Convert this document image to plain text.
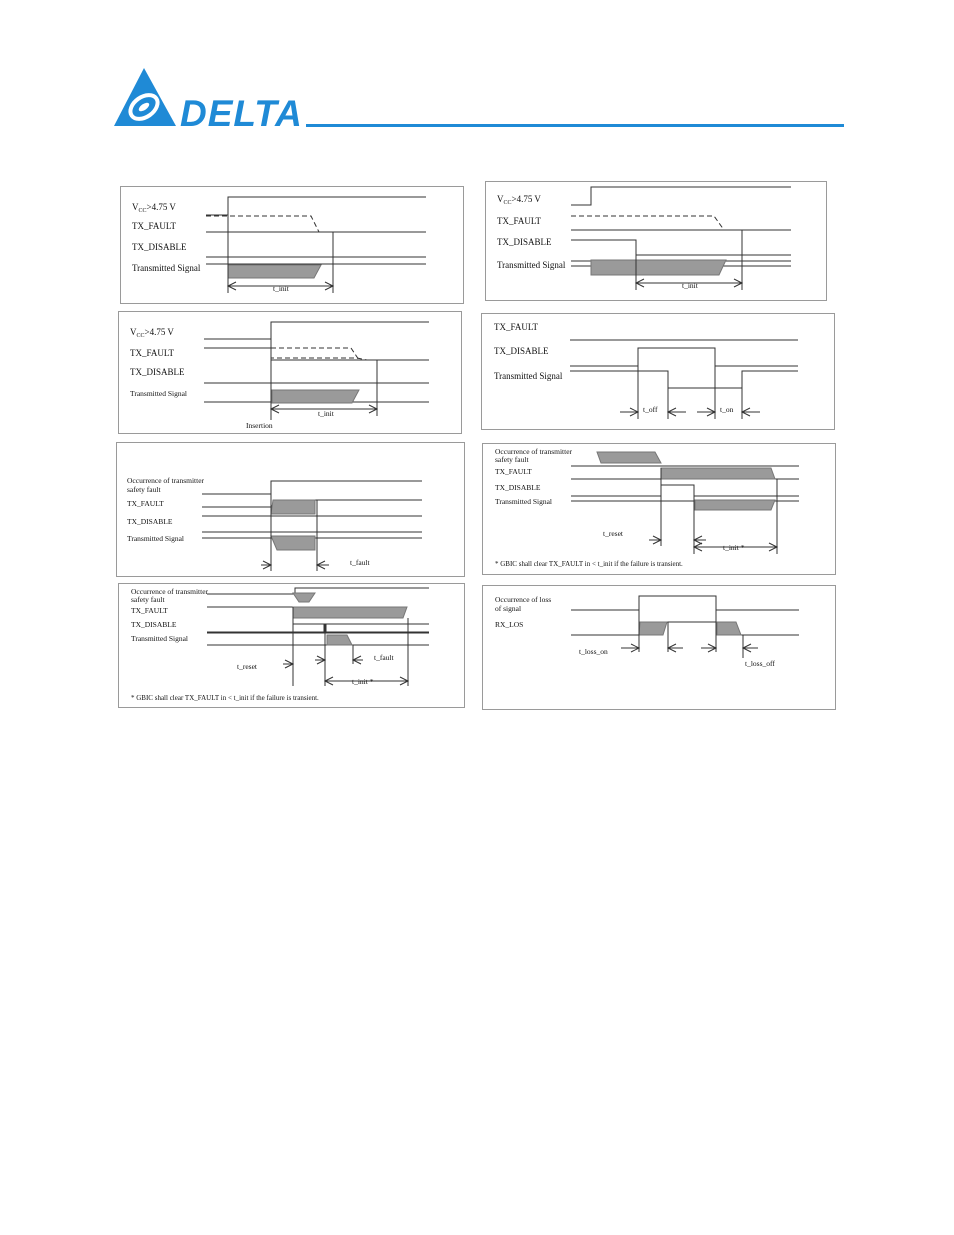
DELTA
$V_{CC}>4.75$ V
TX_FAULT
TX_DISABLE
Transmitted Signal
t_init
$V_{CC}>4.75$ V
TX_FAULT
TX_DISABLE
Transmitted Signal
t_init
$V_{CC}>4.75$ V
TX_FAULT
TX_DISABLE
Transmitted Signal
t_init
Insertion
TX_FAULT
TX_DISABLE
Transmitted Signal
t_off	t_on
Occurrence of transmitter
safety fault
TX_FAULT
TX_DISABLE
Transmitted Signal
t_fault
Occurrence of transmitter
safety fault
TX_FAULT
TX_DISABLE
Transmitted Signal
t_reset
t_init *
* GBIC shall clear TX_FAULT in < t_init if the failure is transient.
Occurrence of transmitter
safety fault
TX_FAULT
TX_DISABLE
Transmitted Signal
t_reset
t_fault
t_init *
* GBIC shall clear TX_FAULT in < t_init if the failure is transient.
Occurrence of loss
of signal
RX_LOS
t_loss_on
t_loss_off
